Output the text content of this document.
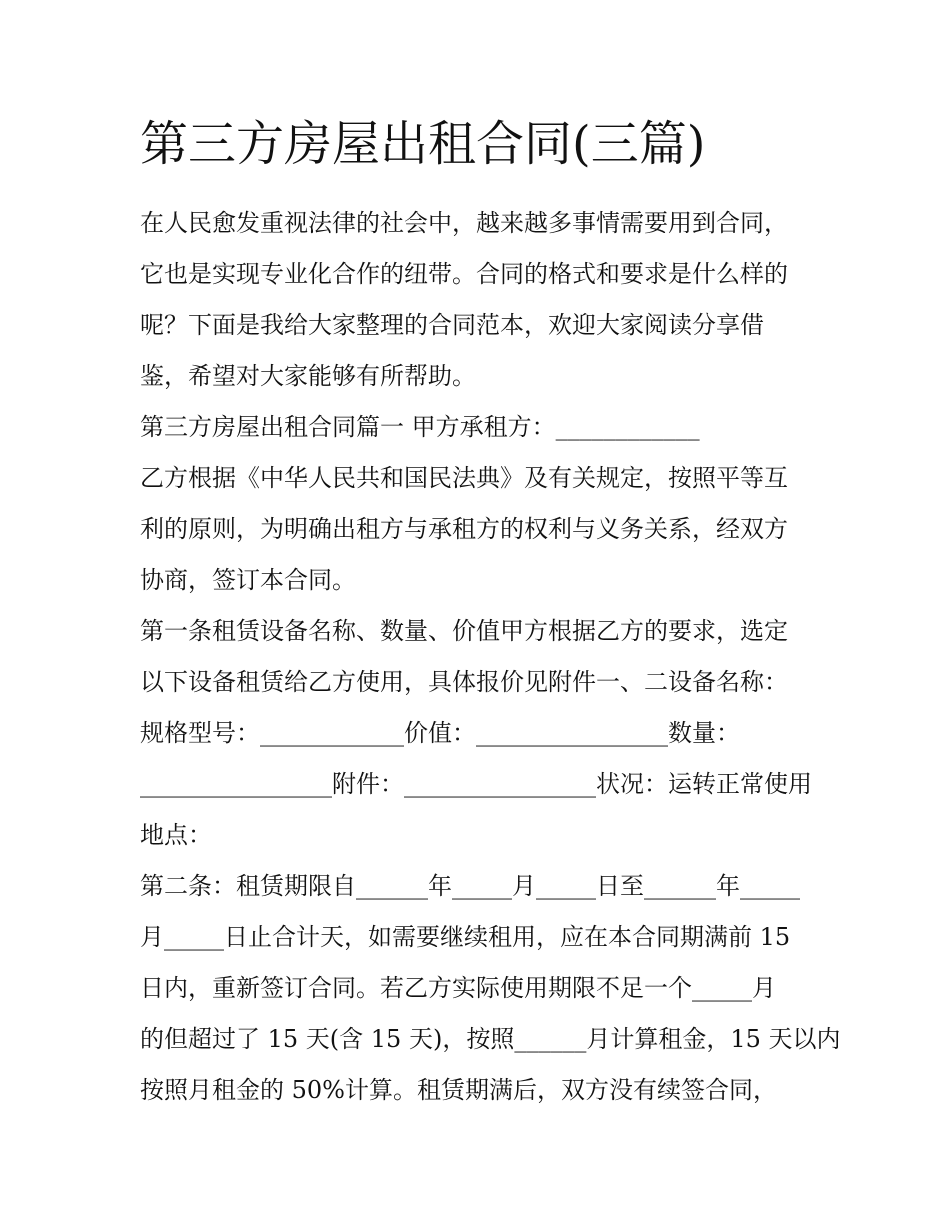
第三方房屋出租合同(三篇)

在人民愈发重视法律的社会中，越来越多事情需要用到合同，

它也是实现专业化合作的纽带。合同的格式和要求是什么样的

呢？下面是我给大家整理的合同范本，欢迎大家阅读分享借

鉴，希望对大家能够有所帮助。

第三方房屋出租合同篇一 甲方承租方：____________

乙方根据《中华人民共和国民法典》及有关规定，按照平等互

利的原则，为明确出租方与承租方的权利与义务关系，经双方

协商，签订本合同。

第一条租赁设备名称、数量、价值甲方根据乙方的要求，选定

以下设备租赁给乙方使用，具体报价见附件一、二设备名称：

规格型号：____________价值：________________数量：

________________附件：________________状况：运转正常使用

地点：

第二条：租赁期限自______年_____月_____日至______年_____

月_____日止合计天，如需要继续租用，应在本合同期满前 15

日内，重新签订合同。若乙方实际使用期限不足一个_____月

的但超过了 15 天(含 15 天)，按照______月计算租金，15 天以内

按照月租金的 50%计算。租赁期满后，双方没有续签合同，
